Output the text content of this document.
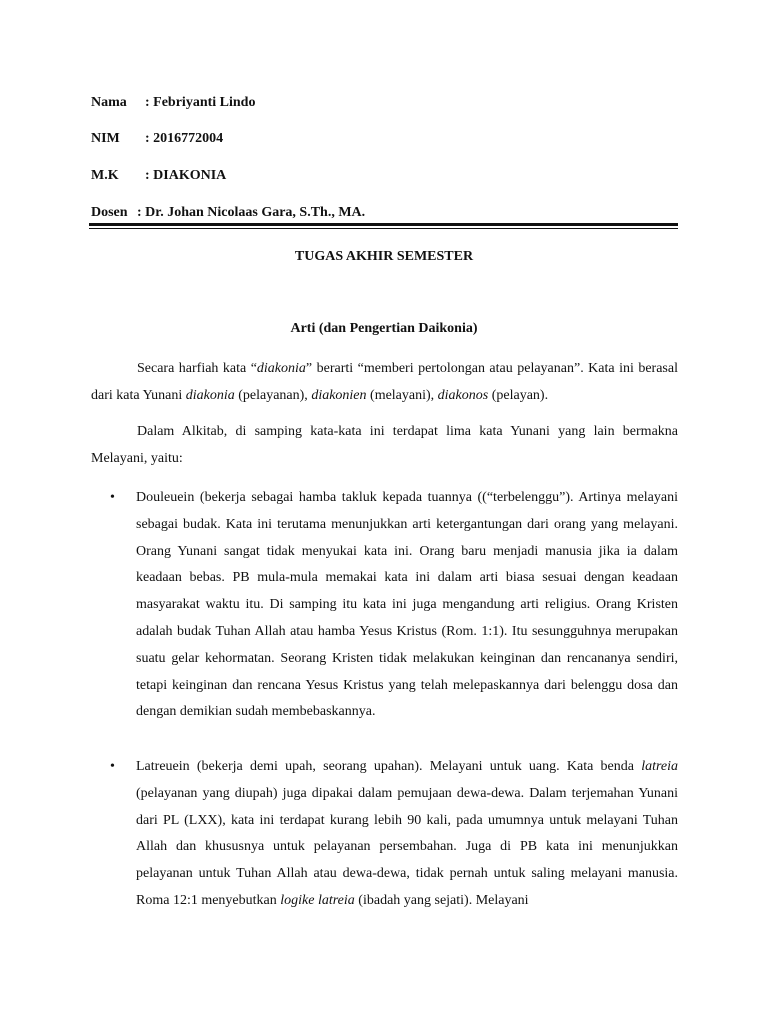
Nama : Febriyanti Lindo
NIM : 2016772004
M.K : DIAKONIA
Dosen : Dr. Johan Nicolaas Gara, S.Th., MA.
TUGAS AKHIR SEMESTER
Arti (dan Pengertian Daikonia)
Secara harfiah kata “diakonia” berarti “memberi pertolongan atau pelayanan”. Kata ini berasal dari kata Yunani diakonia (pelayanan), diakonien (melayani), diakonos (pelayan).
Dalam Alkitab, di samping kata-kata ini terdapat lima kata Yunani yang lain bermakna Melayani, yaitu:
• Douleuein (bekerja sebagai hamba takluk kepada tuannya ((“terbelenggu”). Artinya melayani sebagai budak. Kata ini terutama menunjukkan arti ketergantungan dari orang yang melayani. Orang Yunani sangat tidak menyukai kata ini. Orang baru menjadi manusia jika ia dalam keadaan bebas. PB mula-mula memakai kata ini dalam arti biasa sesuai dengan keadaan masyarakat waktu itu. Di samping itu kata ini juga mengandung arti religius. Orang Kristen adalah budak Tuhan Allah atau hamba Yesus Kristus (Rom. 1:1). Itu sesungguhnya merupakan suatu gelar kehormatan. Seorang Kristen tidak melakukan keinginan dan rencananya sendiri, tetapi keinginan dan rencana Yesus Kristus yang telah melepaskannya dari belenggu dosa dan dengan demikian sudah membebaskannya.
• Latreuein (bekerja demi upah, seorang upahan). Melayani untuk uang. Kata benda latreia (pelayanan yang diupah) juga dipakai dalam pemujaan dewa-dewa. Dalam terjemahan Yunani dari PL (LXX), kata ini terdapat kurang lebih 90 kali, pada umumnya untuk melayani Tuhan Allah dan khususnya untuk pelayanan persembahan. Juga di PB kata ini menunjukkan pelayanan untuk Tuhan Allah atau dewa-dewa, tidak pernah untuk saling melayani manusia. Roma 12:1 menyebutkan logike latreia (ibadah yang sejati). Melayani
